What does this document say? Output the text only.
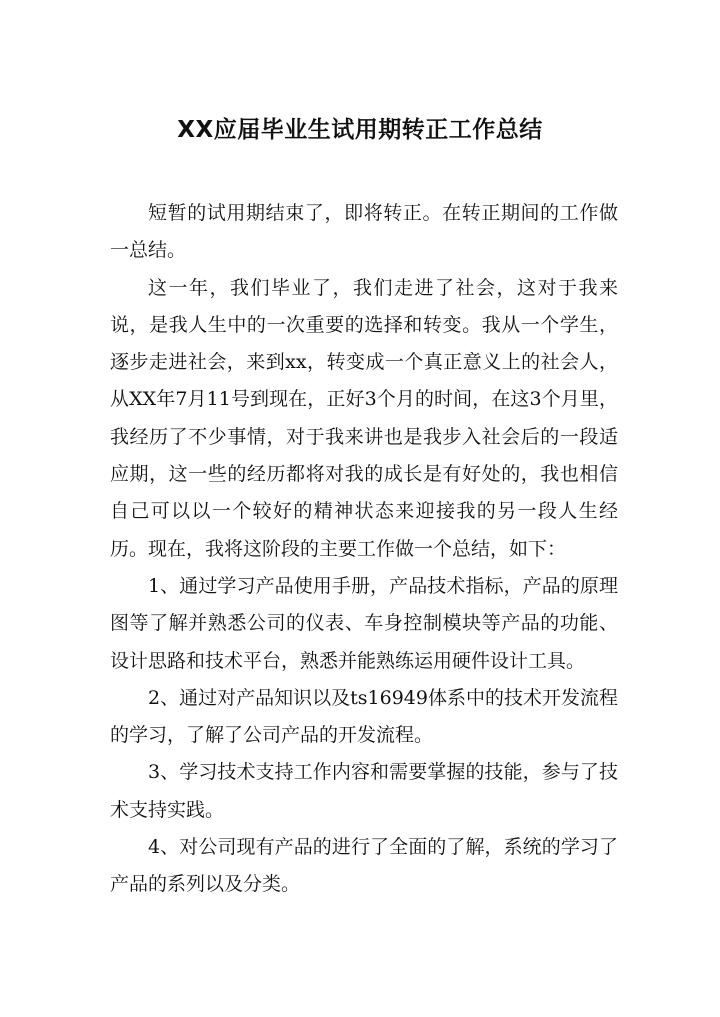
XX应届毕业生试用期转正工作总结

短暂的试用期结束了，即将转正。在转正期间的工作做一总结。

这一年，我们毕业了，我们走进了社会，这对于我来说，是我人生中的一次重要的选择和转变。我从一个学生，逐步走进社会，来到xx，转变成一个真正意义上的社会人，从XX年7月11号到现在，正好3个月的时间，在这3个月里，我经历了不少事情，对于我来讲也是我步入社会后的一段适应期，这一些的经历都将对我的成长是有好处的，我也相信自己可以以一个较好的精神状态来迎接我的另一段人生经历。现在，我将这阶段的主要工作做一个总结，如下：

1、通过学习产品使用手册，产品技术指标，产品的原理图等了解并熟悉公司的仪表、车身控制模块等产品的功能、设计思路和技术平台，熟悉并能熟练运用硬件设计工具。

2、通过对产品知识以及ts16949体系中的技术开发流程的学习，了解了公司产品的开发流程。

3、学习技术支持工作内容和需要掌握的技能，参与了技术支持实践。

4、对公司现有产品的进行了全面的了解，系统的学习了产品的系列以及分类。
